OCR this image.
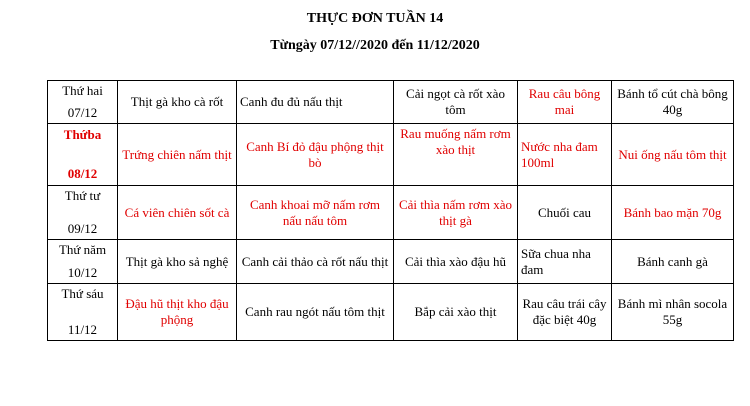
THỰC ĐƠN TUẦN 14
Từngày 07/12//2020 đến 11/12/2020
Thứ hai
07/12	Thịt gà kho cà rốt	Canh đu đủ nấu thịt	Cải ngọt cà rốt xào tôm	Rau câu bông mai	Bánh tổ cút chà bông 40g

Thứba
08/12	Trứng chiên nấm thịt	Canh Bí đỏ đậu phộng thịt bò	Rau muống nấm rơm xào thịt	Nước nha đam 100ml	Nui ống nấu tôm thịt

Thứ tư
09/12	Cá viên chiên sốt cà	Canh khoai mỡ nấm rơm nấu nấu tôm	Cải thìa nấm rơm xào thịt gà	Chuối cau	Bánh bao mặn 70g

Thứ năm
10/12	Thịt gà kho sả nghệ	Canh cải thảo cà rốt nấu thịt	Cải thìa xào đậu hũ	Sữa chua nha đam	Bánh canh gà

Thứ sáu
11/12	Đậu hũ thịt kho đậu phộng	Canh rau ngót nấu tôm thịt	Bắp cải xào thịt	Rau câu trái cây đặc biệt 40g	Bánh mì nhân socola 55g
